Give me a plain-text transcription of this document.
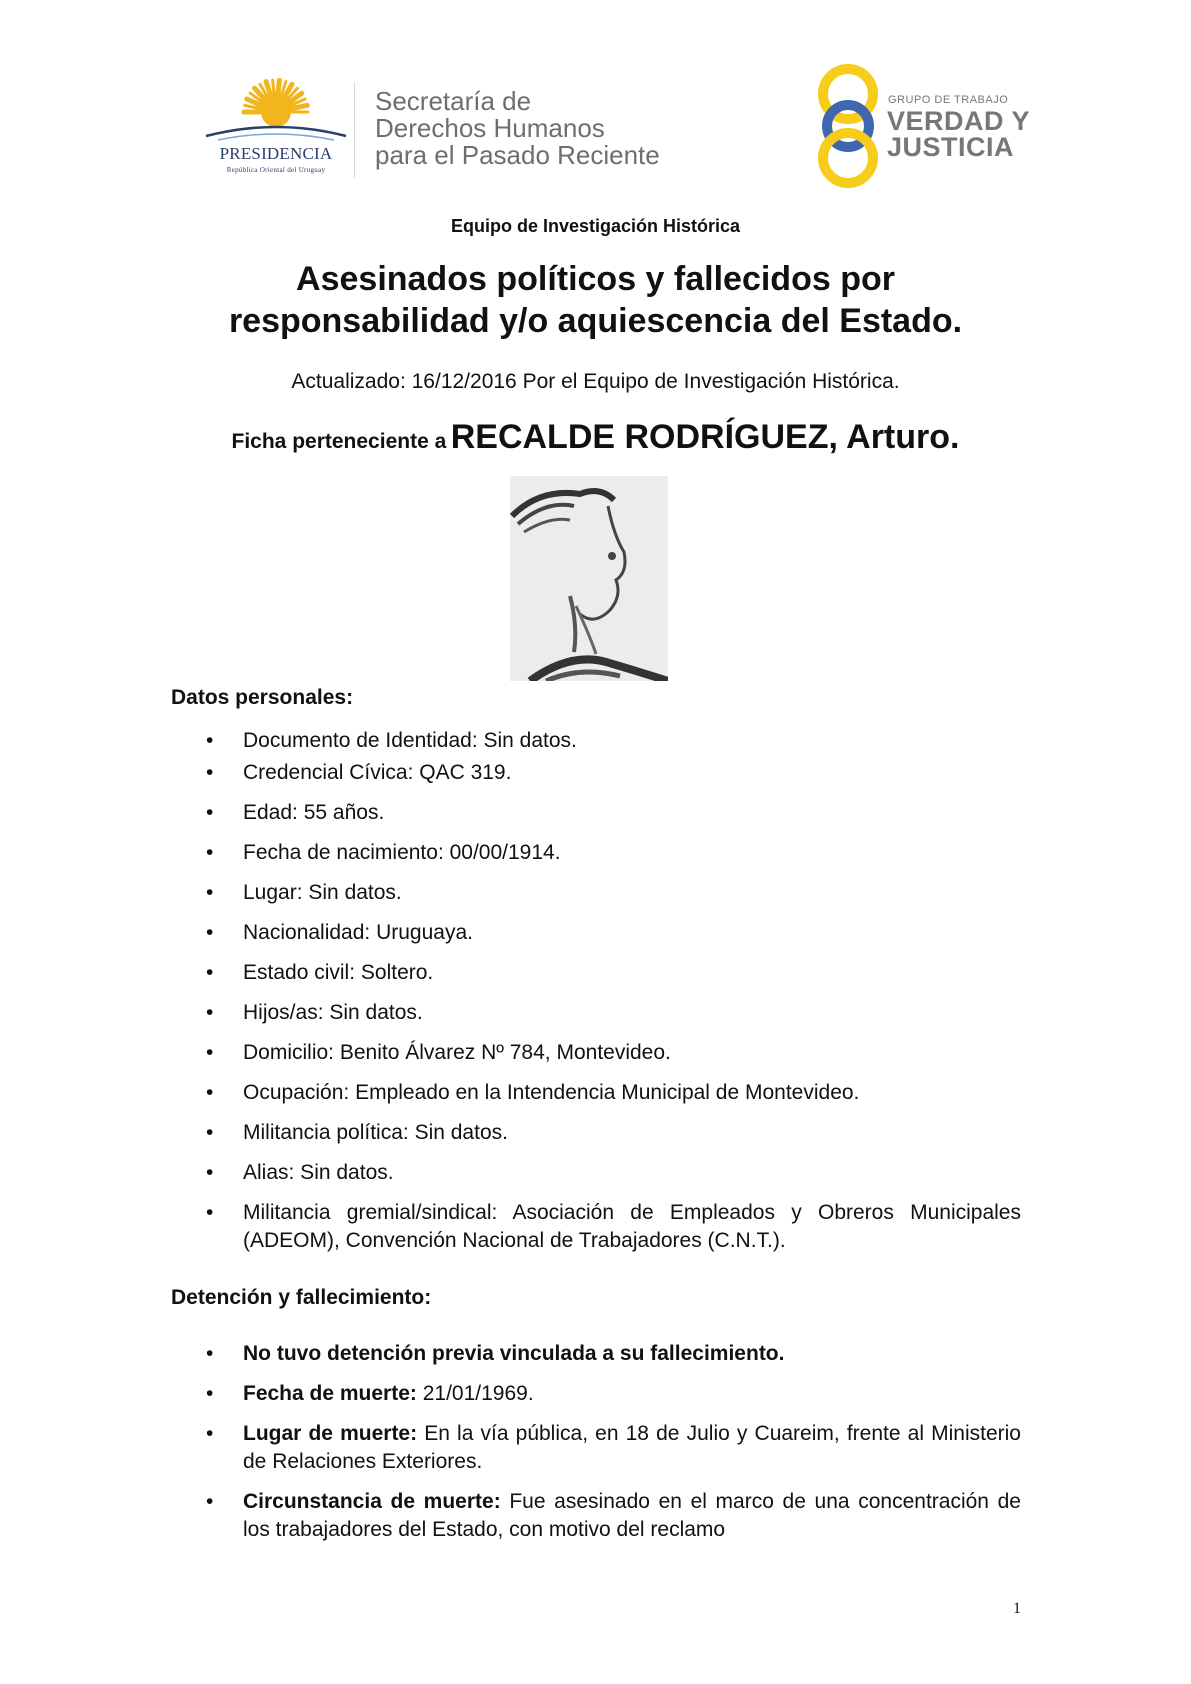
PRESIDENCIA
República Oriental del Uruguay
Secretaría de
Derechos Humanos
para el Pasado Reciente
GRUPO DE TRABAJO
VERDAD Y
JUSTICIA
Equipo de Investigación Histórica
Asesinados políticos y fallecidos por
responsabilidad y/o aquiescencia del Estado.
Actualizado: 16/12/2016 Por el Equipo de Investigación Histórica.
Ficha perteneciente a RECALDE RODRÍGUEZ, Arturo.
Datos personales:
• Documento de Identidad: Sin datos.
• Credencial Cívica: QAC 319.
• Edad: 55 años.
• Fecha de nacimiento: 00/00/1914.
• Lugar: Sin datos.
• Nacionalidad: Uruguaya.
• Estado civil: Soltero.
• Hijos/as: Sin datos.
• Domicilio: Benito Álvarez Nº 784, Montevideo.
• Ocupación: Empleado en la Intendencia Municipal de Montevideo.
• Militancia política: Sin datos.
• Alias: Sin datos.
• Militancia gremial/sindical: Asociación de Empleados y Obreros Municipales (ADEOM), Convención Nacional de Trabajadores (C.N.T.).
Detención y fallecimiento:
• No tuvo detención previa vinculada a su fallecimiento.
• Fecha de muerte: 21/01/1969.
• Lugar de muerte: En la vía pública, en 18 de Julio y Cuareim, frente al Ministerio de Relaciones Exteriores.
• Circunstancia de muerte: Fue asesinado en el marco de una concentración de los trabajadores del Estado, con motivo del reclamo
1
